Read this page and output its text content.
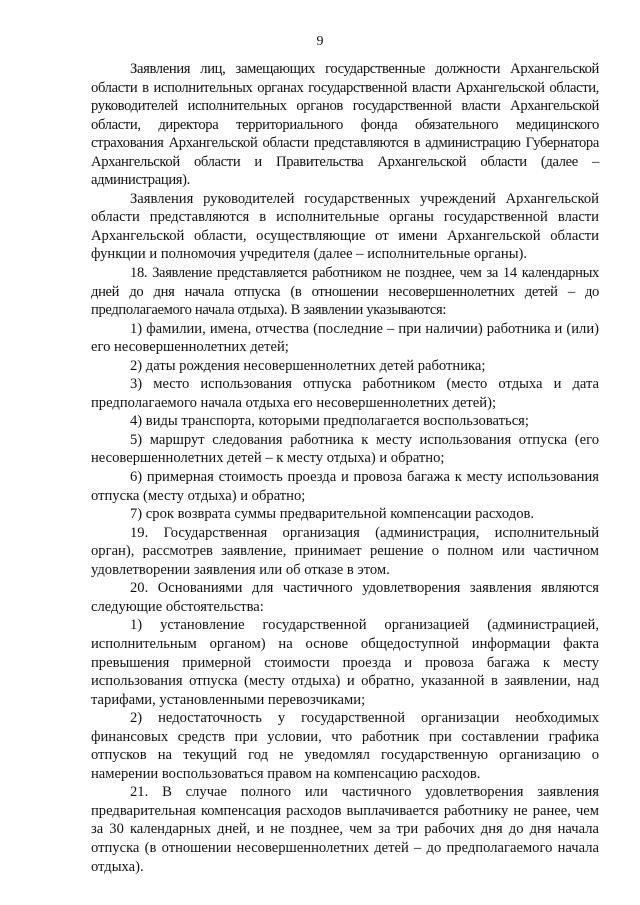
9

Заявления лиц, замещающих государственные должности Архангельской области в исполнительных органах государственной власти Архангельской области, руководителей исполнительных органов государственной власти Архангельской области, директора территориального фонда обязательного медицинского страхования Архангельской области представляются в администрацию Губернатора Архангельской области и Правительства Архангельской области (далее – администрация).

Заявления руководителей государственных учреждений Архангельской области представляются в исполнительные органы государственной власти Архангельской области, осуществляющие от имени Архангельской области функции и полномочия учредителя (далее – исполнительные органы).

18. Заявление представляется работником не позднее, чем за 14 календарных дней до дня начала отпуска (в отношении несовершеннолетних детей – до предполагаемого начала отдыха). В заявлении указываются:

1) фамилии, имена, отчества (последние – при наличии) работника и (или) его несовершеннолетних детей;

2) даты рождения несовершеннолетних детей работника;

3) место использования отпуска работником (место отдыха и дата предполагаемого начала отдыха его несовершеннолетних детей);

4) виды транспорта, которыми предполагается воспользоваться;

5) маршрут следования работника к месту использования отпуска (его несовершеннолетних детей – к месту отдыха) и обратно;

6) примерная стоимость проезда и провоза багажа к месту использования отпуска (месту отдыха) и обратно;

7) срок возврата суммы предварительной компенсации расходов.

19. Государственная организация (администрация, исполнительный орган), рассмотрев заявление, принимает решение о полном или частичном удовлетворении заявления или об отказе в этом.

20. Основаниями для частичного удовлетворения заявления являются следующие обстоятельства:

1) установление государственной организацией (администрацией, исполнительным органом) на основе общедоступной информации факта превышения примерной стоимости проезда и провоза багажа к месту использования отпуска (месту отдыха) и обратно, указанной в заявлении, над тарифами, установленными перевозчиками;

2) недостаточность у государственной организации необходимых финансовых средств при условии, что работник при составлении графика отпусков на текущий год не уведомлял государственную организацию о намерении воспользоваться правом на компенсацию расходов.

21. В случае полного или частичного удовлетворения заявления предварительная компенсация расходов выплачивается работнику не ранее, чем за 30 календарных дней, и не позднее, чем за три рабочих дня до дня начала отпуска (в отношении несовершеннолетних детей – до предполагаемого начала отдыха).
